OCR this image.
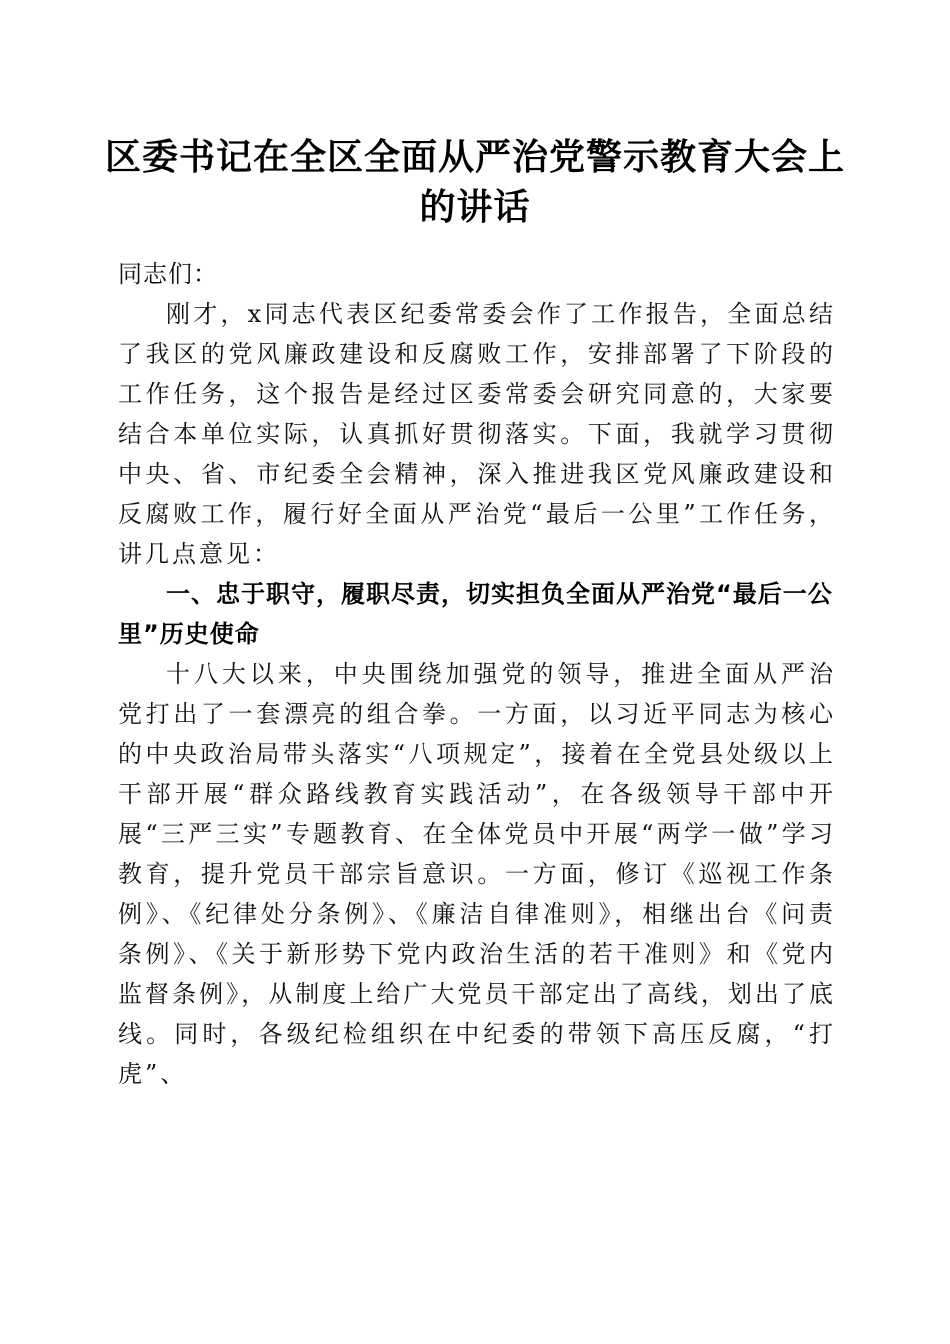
区委书记在全区全面从严治党警示教育大会上的讲话

同志们：

刚才，x同志代表区纪委常委会作了工作报告，全面总结了我区的党风廉政建设和反腐败工作，安排部署了下阶段的工作任务，这个报告是经过区委常委会研究同意的，大家要结合本单位实际，认真抓好贯彻落实。下面，我就学习贯彻中央、省、市纪委全会精神，深入推进我区党风廉政建设和反腐败工作，履行好全面从严治党“最后一公里”工作任务，讲几点意见：

一、忠于职守，履职尽责，切实担负全面从严治党“最后一公里”历史使命

十八大以来，中央围绕加强党的领导，推进全面从严治党打出了一套漂亮的组合拳。一方面，以习近平同志为核心的中央政治局带头落实“八项规定”，接着在全党县处级以上干部开展“群众路线教育实践活动”，在各级领导干部中开展“三严三实”专题教育、在全体党员中开展“两学一做”学习教育，提升党员干部宗旨意识。一方面，修订《巡视工作条例》、《纪律处分条例》、《廉洁自律准则》，相继出台《问责条例》、《关于新形势下党内政治生活的若干准则》和《党内监督条例》，从制度上给广大党员干部定出了高线，划出了底线。同时，各级纪检组织在中纪委的带领下高压反腐，“打虎”、
